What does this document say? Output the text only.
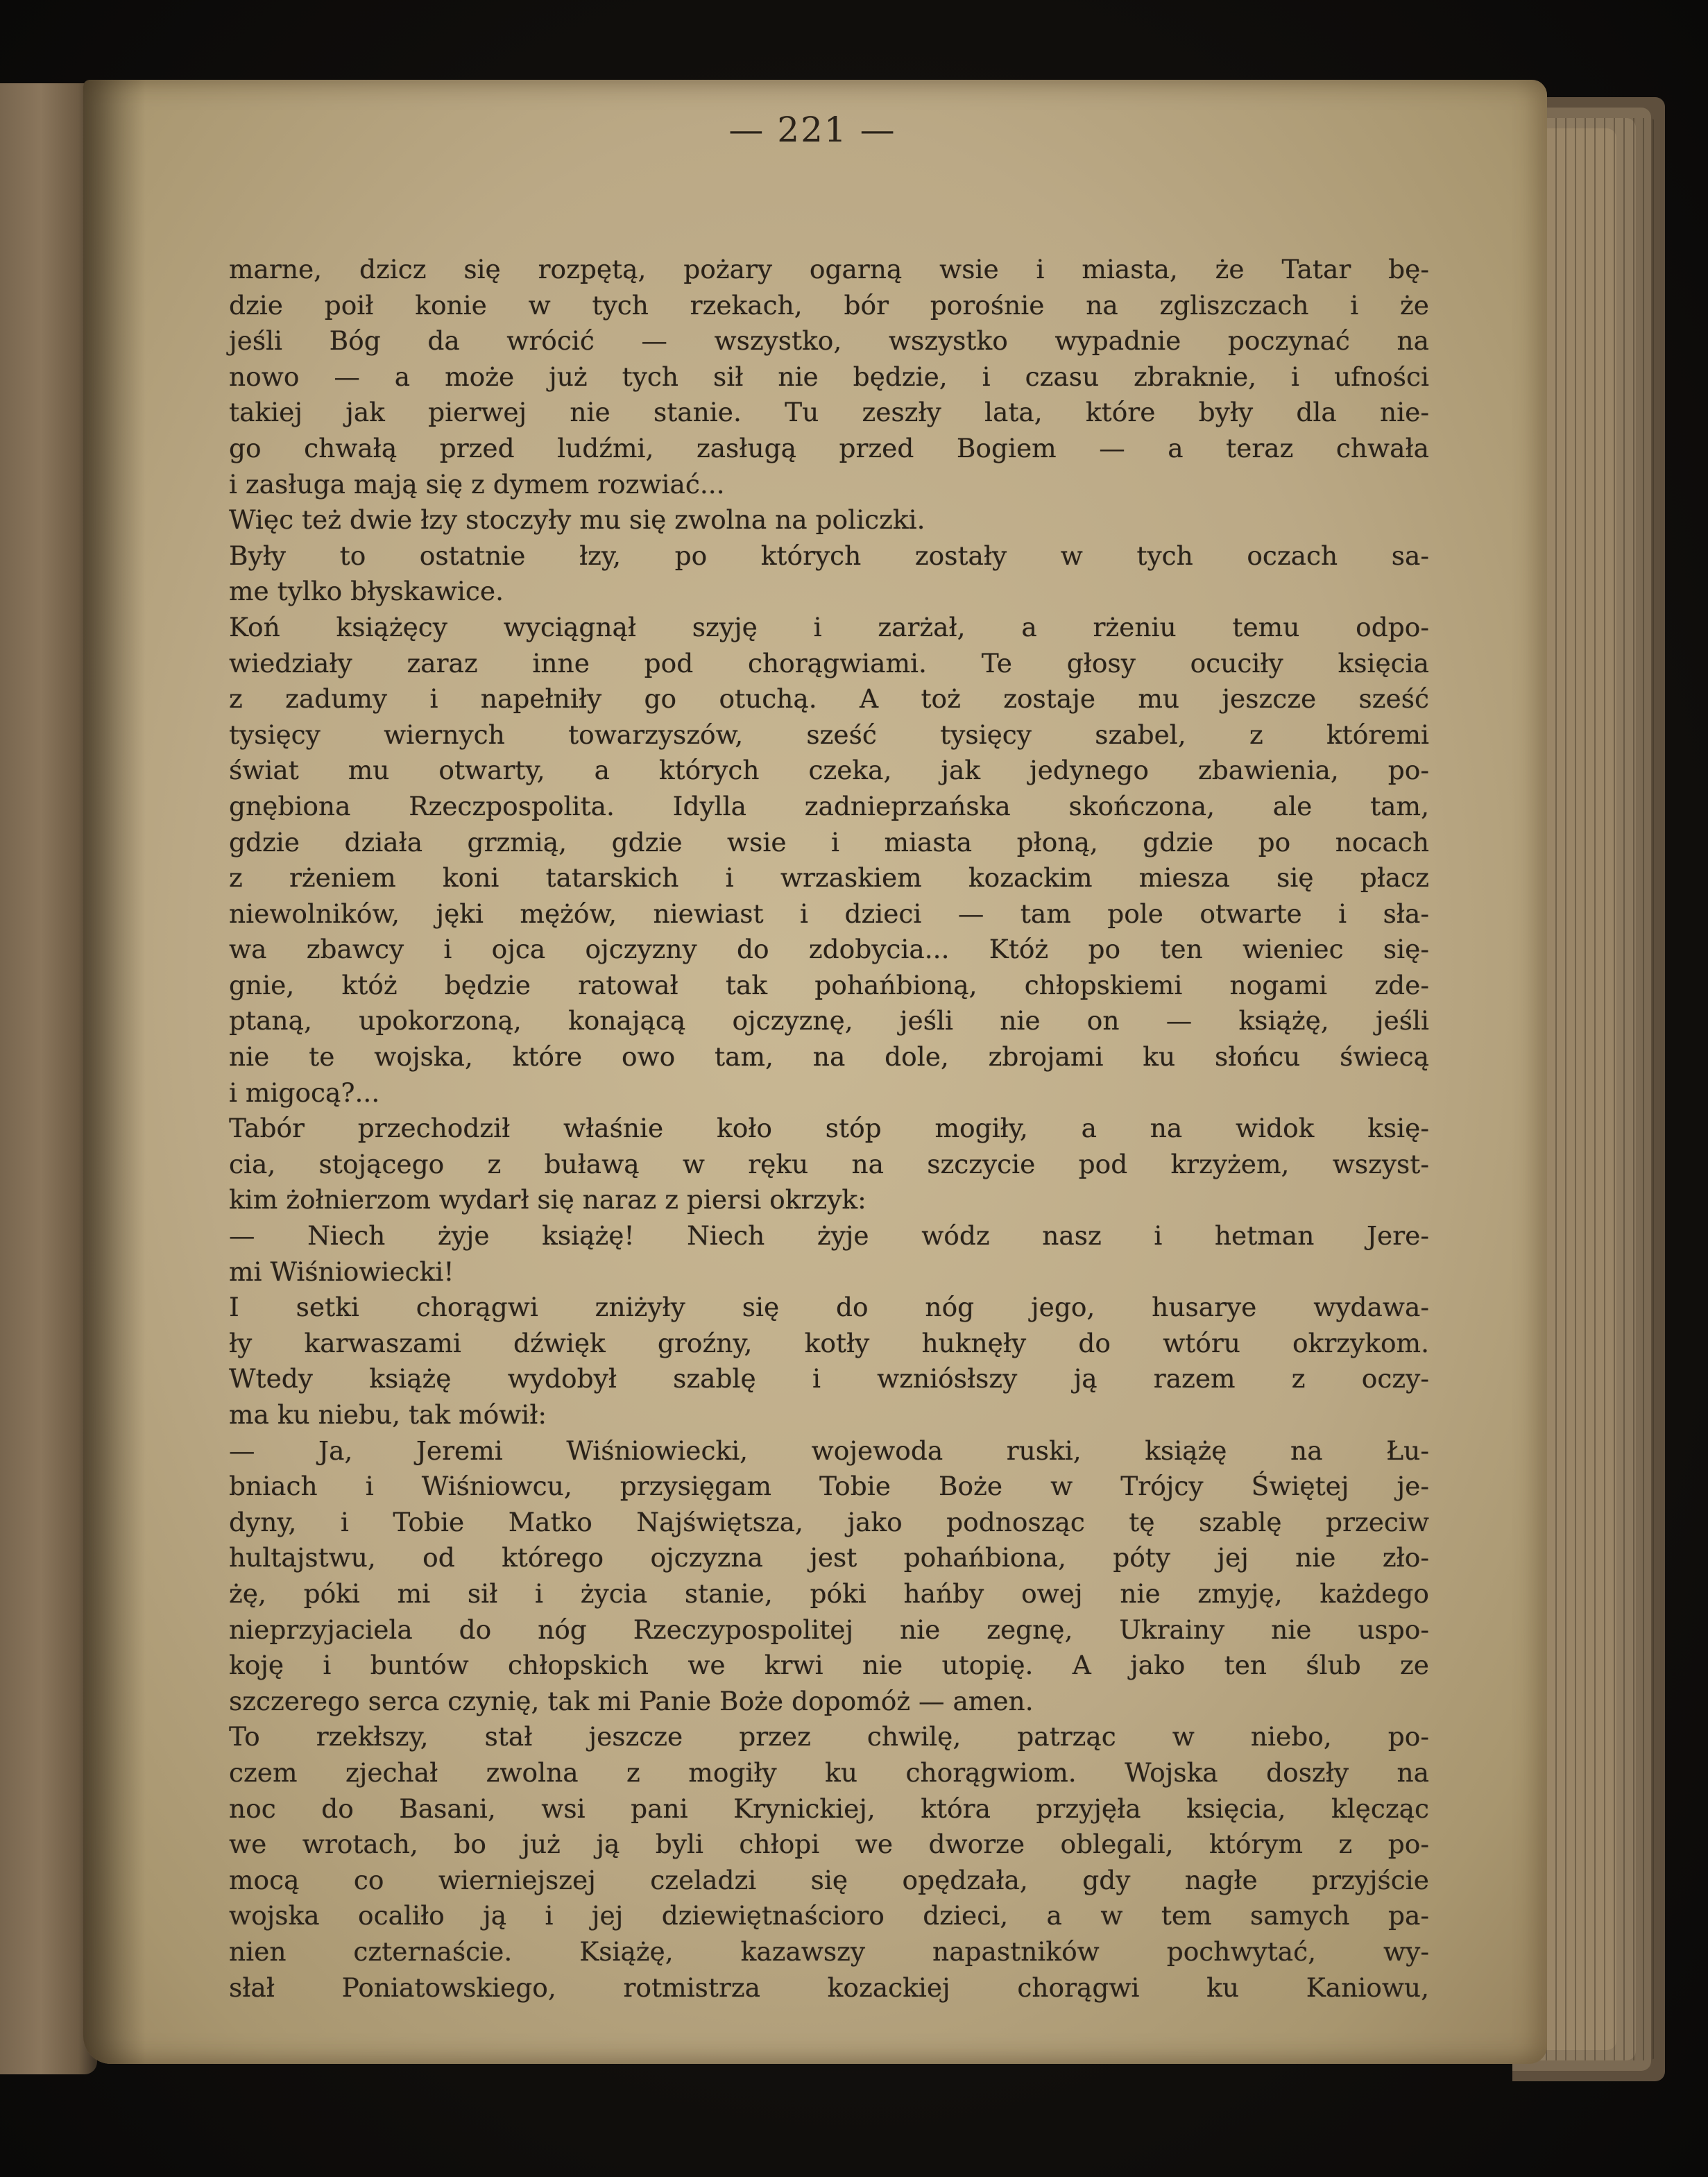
— 221 —
marne, dzicz się rozpętą, pożary ogarną wsie i miasta, że Tatar bę-
dzie poił konie w tych rzekach, bór porośnie na zgliszczach i że
jeśli Bóg da wrócić — wszystko, wszystko wypadnie poczynać na
nowo — a może już tych sił nie będzie, i czasu zbraknie, i ufności
takiej jak pierwej nie stanie. Tu zeszły lata, które były dla nie-
go chwałą przed ludźmi, zasługą przed Bogiem — a teraz chwała
i zasługa mają się z dymem rozwiać...
Więc też dwie łzy stoczyły mu się zwolna na policzki.
Były to ostatnie łzy, po których zostały w tych oczach sa-
me tylko błyskawice.
Koń książęcy wyciągnął szyję i zarżał, a rżeniu temu odpo-
wiedziały zaraz inne pod chorągwiami. Te głosy ocuciły księcia
z zadumy i napełniły go otuchą. A toż zostaje mu jeszcze sześć
tysięcy wiernych towarzyszów, sześć tysięcy szabel, z któremi
świat mu otwarty, a których czeka, jak jedynego zbawienia, po-
gnębiona Rzeczpospolita. Idylla zadnieprzańska skończona, ale tam,
gdzie działa grzmią, gdzie wsie i miasta płoną, gdzie po nocach
z rżeniem koni tatarskich i wrzaskiem kozackim miesza się płacz
niewolników, jęki mężów, niewiast i dzieci — tam pole otwarte i sła-
wa zbawcy i ojca ojczyzny do zdobycia... Któż po ten wieniec się-
gnie, któż będzie ratował tak pohańbioną, chłopskiemi nogami zde-
ptaną, upokorzoną, konającą ojczyznę, jeśli nie on — książę, jeśli
nie te wojska, które owo tam, na dole, zbrojami ku słońcu świecą
i migocą?...
Tabór przechodził właśnie koło stóp mogiły, a na widok księ-
cia, stojącego z buławą w ręku na szczycie pod krzyżem, wszyst-
kim żołnierzom wydarł się naraz z piersi okrzyk:
— Niech żyje książę! Niech żyje wódz nasz i hetman Jere-
mi Wiśniowiecki!
I setki chorągwi zniżyły się do nóg jego, husarye wydawa-
ły karwaszami dźwięk groźny, kotły huknęły do wtóru okrzykom.
Wtedy książę wydobył szablę i wzniósłszy ją razem z oczy-
ma ku niebu, tak mówił:
— Ja, Jeremi Wiśniowiecki, wojewoda ruski, książę na Łu-
bniach i Wiśniowcu, przysięgam Tobie Boże w Trójcy Świętej je-
dyny, i Tobie Matko Najświętsza, jako podnosząc tę szablę przeciw
hultajstwu, od którego ojczyzna jest pohańbiona, póty jej nie zło-
żę, póki mi sił i życia stanie, póki hańby owej nie zmyję, każdego
nieprzyjaciela do nóg Rzeczypospolitej nie zegnę, Ukrainy nie uspo-
koję i buntów chłopskich we krwi nie utopię. A jako ten ślub ze
szczerego serca czynię, tak mi Panie Boże dopomóż — amen.
To rzekłszy, stał jeszcze przez chwilę, patrząc w niebo, po-
czem zjechał zwolna z mogiły ku chorągwiom. Wojska doszły na
noc do Basani, wsi pani Krynickiej, która przyjęła księcia, klęcząc
we wrotach, bo już ją byli chłopi we dworze oblegali, którym z po-
mocą co wierniejszej czeladzi się opędzała, gdy nagłe przyjście
wojska ocaliło ją i jej dziewiętnaścioro dzieci, a w tem samych pa-
nien czternaście. Książę, kazawszy napastników pochwytać, wy-
słał Poniatowskiego, rotmistrza kozackiej chorągwi ku Kaniowu,
